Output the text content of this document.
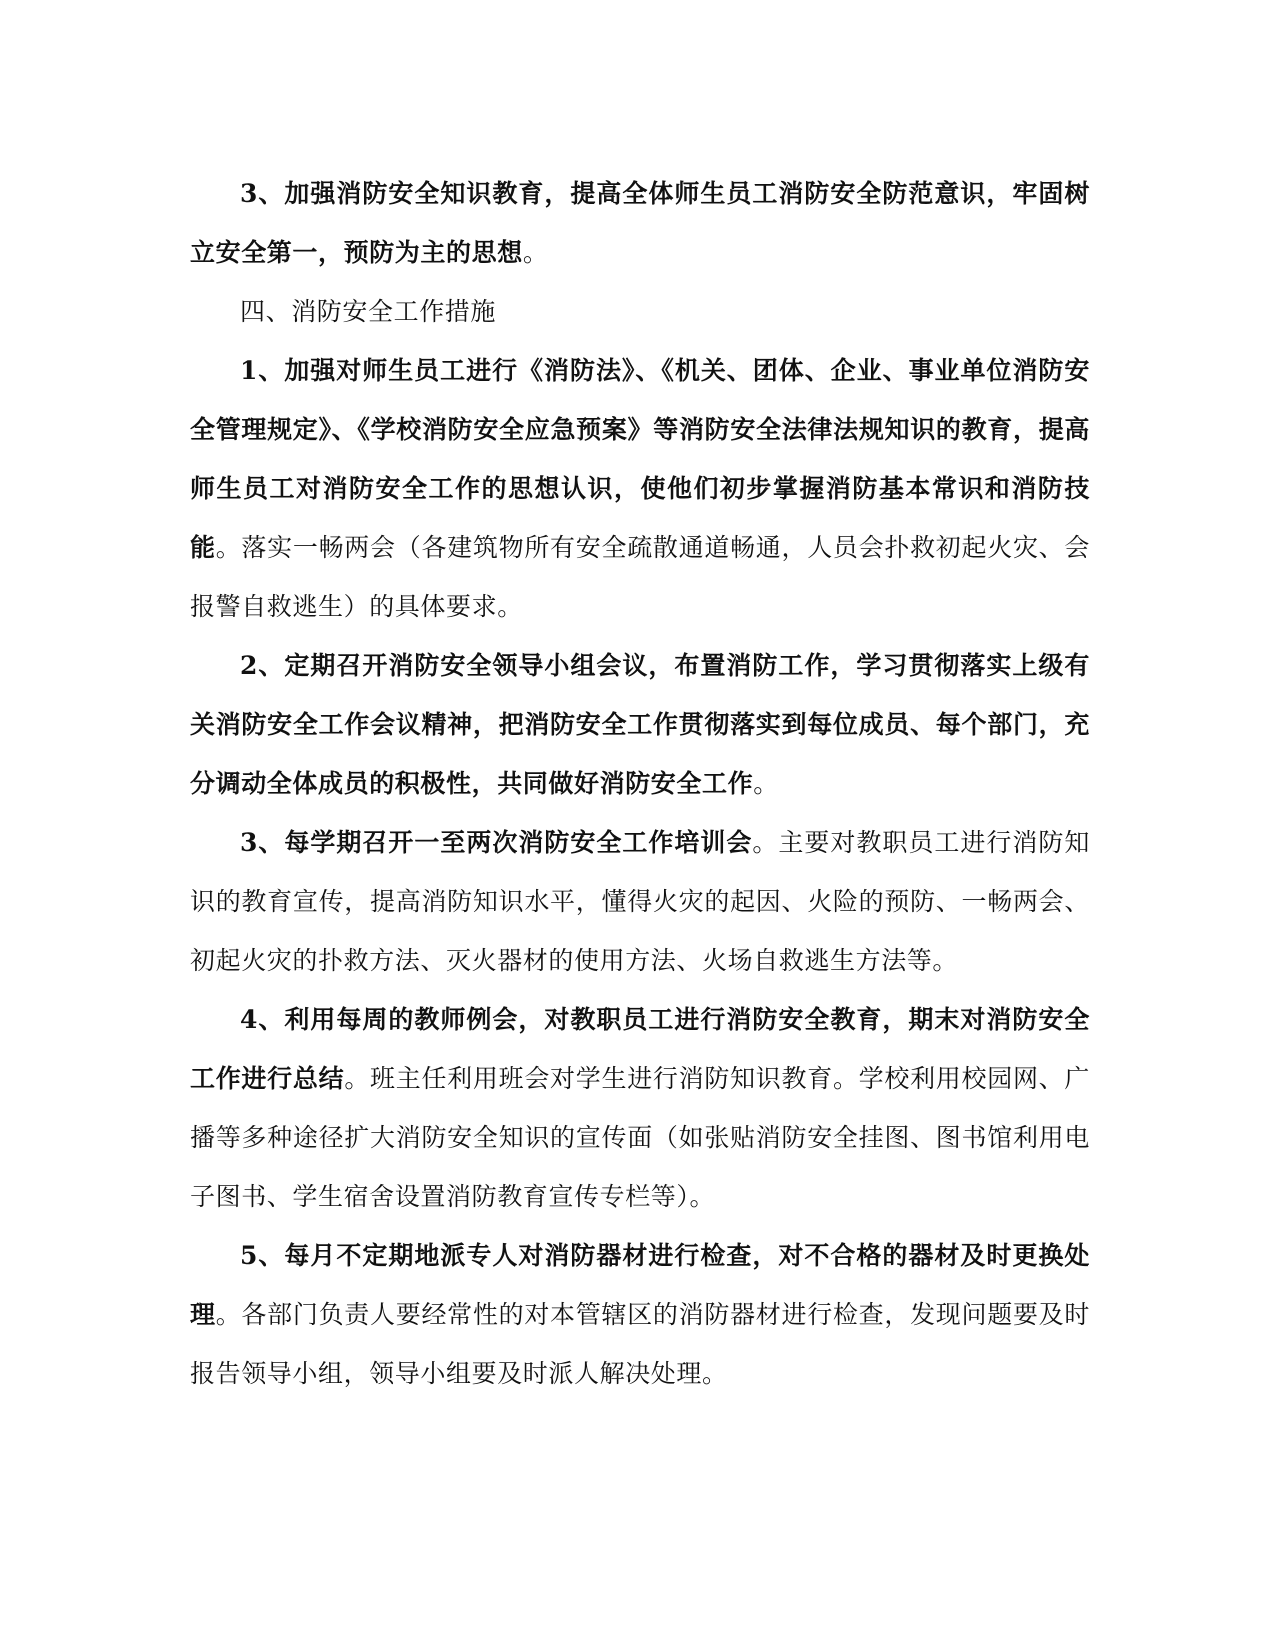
3、加强消防安全知识教育，提高全体师生员工消防安全防范意识，牢固树立安全第一，预防为主的思想。

四、消防安全工作措施

1、加强对师生员工进行《消防法》、《机关、团体、企业、事业单位消防安全管理规定》、《学校消防安全应急预案》等消防安全法律法规知识的教育，提高师生员工对消防安全工作的思想认识，使他们初步掌握消防基本常识和消防技能。落实一畅两会（各建筑物所有安全疏散通道畅通，人员会扑救初起火灾、会报警自救逃生）的具体要求。

2、定期召开消防安全领导小组会议，布置消防工作，学习贯彻落实上级有关消防安全工作会议精神，把消防安全工作贯彻落实到每位成员、每个部门，充分调动全体成员的积极性，共同做好消防安全工作。

3、每学期召开一至两次消防安全工作培训会。主要对教职员工进行消防知识的教育宣传，提高消防知识水平，懂得火灾的起因、火险的预防、一畅两会、初起火灾的扑救方法、灭火器材的使用方法、火场自救逃生方法等。

4、利用每周的教师例会，对教职员工进行消防安全教育，期末对消防安全工作进行总结。班主任利用班会对学生进行消防知识教育。学校利用校园网、广播等多种途径扩大消防安全知识的宣传面（如张贴消防安全挂图、图书馆利用电子图书、学生宿舍设置消防教育宣传专栏等）。

5、每月不定期地派专人对消防器材进行检查，对不合格的器材及时更换处理。各部门负责人要经常性的对本管辖区的消防器材进行检查，发现问题要及时报告领导小组，领导小组要及时派人解决处理。
